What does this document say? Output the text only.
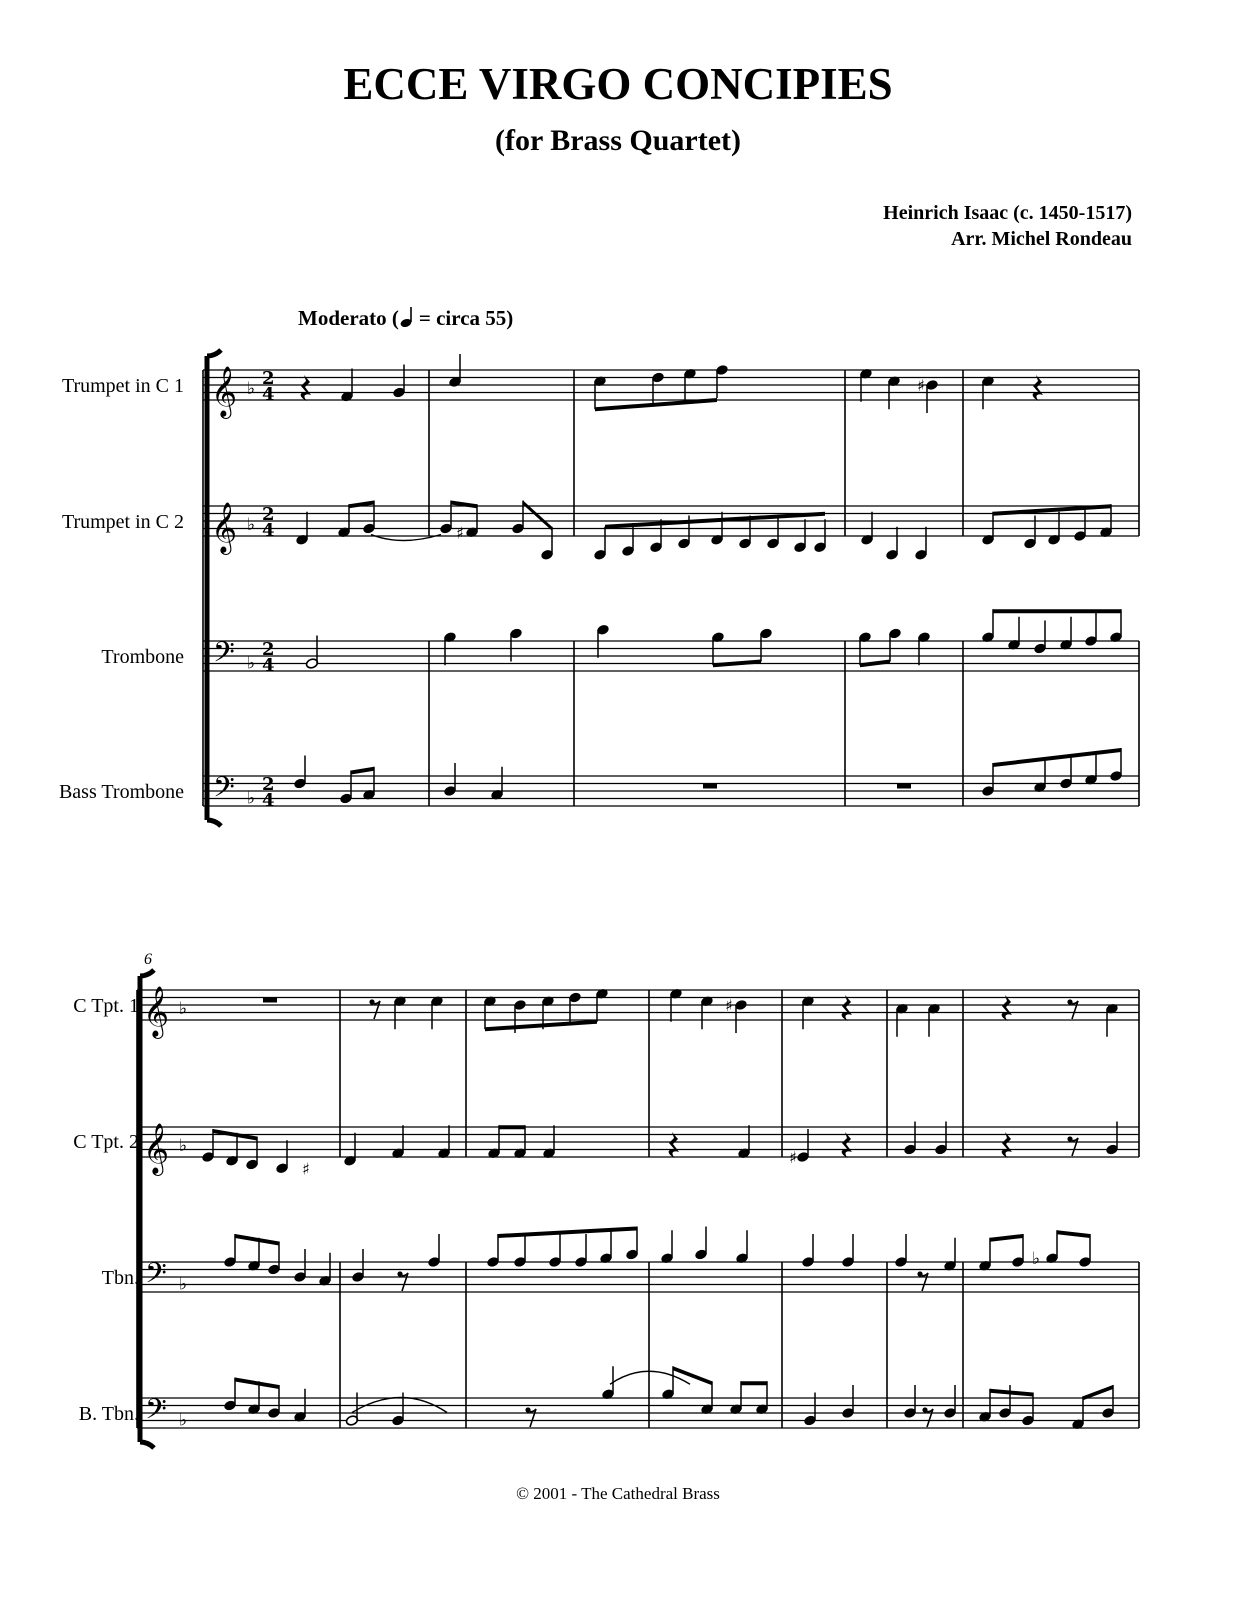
ECCE VIRGO CONCIPIES
(for Brass Quartet)
Heinrich Isaac (c. 1450-1517)
Arr. Michel Rondeau
Moderato ( = circa 55)
Trumpet in C 1
Trumpet in C 2
Trombone
Bass Trombone
C Tpt. 1
C Tpt. 2
Tbn.
B. Tbn.
6
𝄞
𝄞
𝄢
𝄢
♭
♭
♭
♭
2
4
2
4
2
4
2
4
♯
♯
𝄞
𝄞
𝄢
𝄢
♭
♭
♭
♭
♯
♯
♯
♭
© 2001 - The Cathedral Brass
